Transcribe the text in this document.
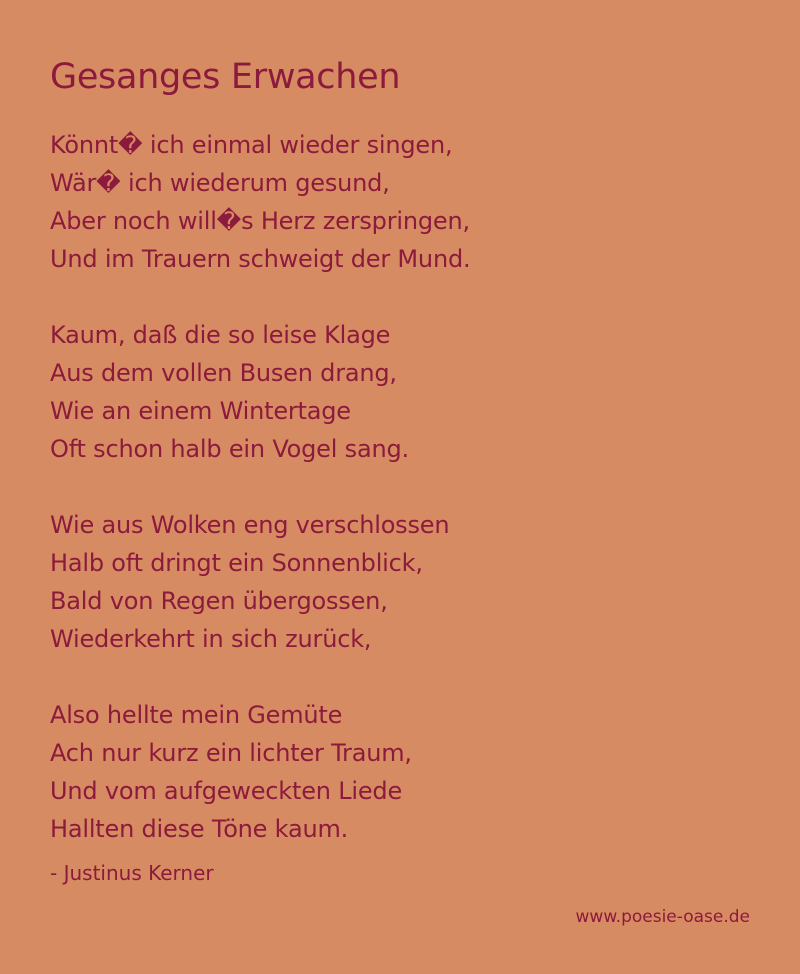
Gesanges Erwachen
Könnt� ich einmal wieder singen,
Wär� ich wiederum gesund,
Aber noch will�s Herz zerspringen,
Und im Trauern schweigt der Mund.
Kaum, daß die so leise Klage
Aus dem vollen Busen drang,
Wie an einem Wintertage
Oft schon halb ein Vogel sang.
Wie aus Wolken eng verschlossen
Halb oft dringt ein Sonnenblick,
Bald von Regen übergossen,
Wiederkehrt in sich zurück,
Also hellte mein Gemüte
Ach nur kurz ein lichter Traum,
Und vom aufgeweckten Liede
Hallten diese Töne kaum.
- Justinus Kerner
www.poesie-oase.de
